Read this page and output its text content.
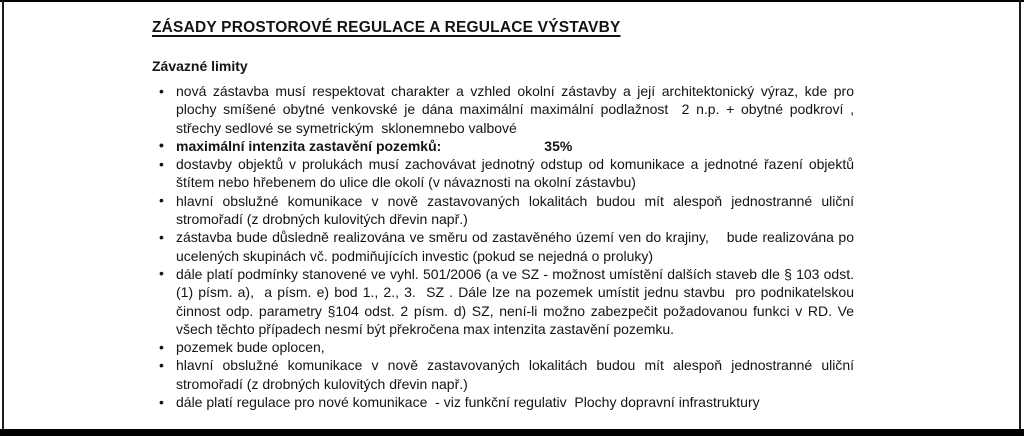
ZÁSADY PROSTOROVÉ REGULACE A REGULACE VÝSTAVBY
Závazné limity
• nová zástavba musí respektovat charakter a vzhled okolní zástavby a její architektonický výraz, kde pro plochy smíšené obytné venkovské je dána maximální maximální podlažnost  2 n.p. + obytné podkroví , střechy sedlové se symetrickým  sklonemnebo valbové
• maximální intenzita zastavění pozemků:	35%
• dostavby objektů v prolukách musí zachovávat jednotný odstup od komunikace a jednotné řazení objektů štítem nebo hřebenem do ulice dle okolí (v návaznosti na okolní zástavbu)
• hlavní obslužné komunikace v nově zastavovaných lokalitách budou mít alespoň jednostranné uliční stromořadí (z drobných kulovitých dřevin např.)
• zástavba bude důsledně realizována ve směru od zastavěného území ven do krajiny,    bude realizována po ucelených skupinách vč. podmiňujících investic (pokud se nejedná o proluky)
• dále platí podmínky stanovené ve vyhl. 501/2006 (a ve SZ - možnost umístění dalších staveb dle § 103 odst. (1) písm. a),  a písm. e) bod 1., 2., 3.  SZ . Dále lze na pozemek umístit jednu stavbu  pro podnikatelskou činnost odp. parametry §104 odst. 2 písm. d) SZ, není-li možno zabezpečit požadovanou funkci v RD. Ve všech těchto případech nesmí být překročena max intenzita zastavění pozemku.
• pozemek bude oplocen,
• hlavní obslužné komunikace v nově zastavovaných lokalitách budou mít alespoň jednostranné uliční stromořadí (z drobných kulovitých dřevin např.)
• dále platí regulace pro nové komunikace  - viz funkční regulativ  Plochy dopravní infrastruktury
